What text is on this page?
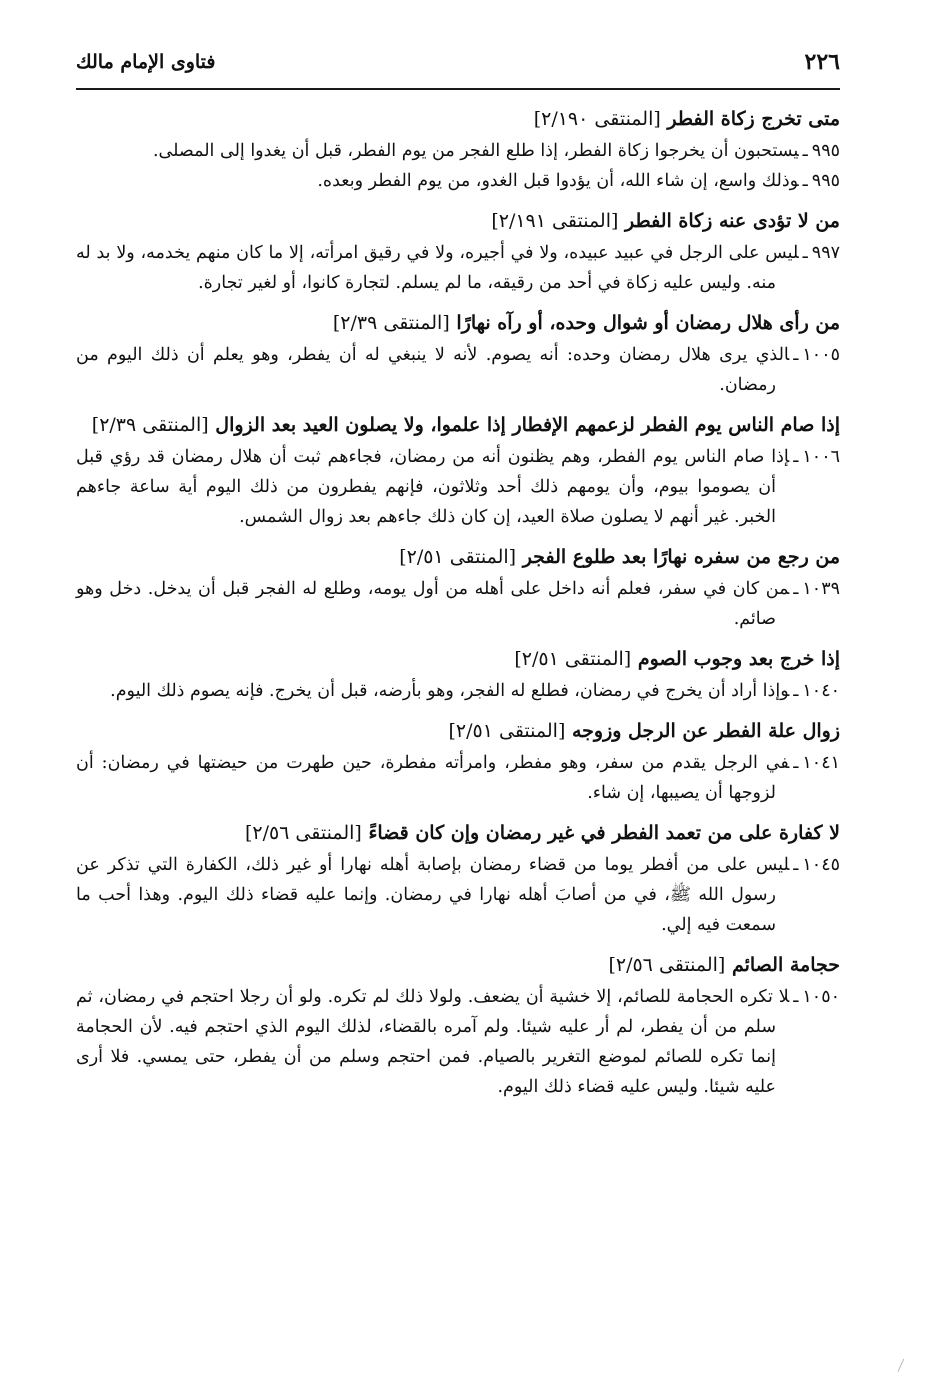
٢٢٦
فتاوى الإمام مالك

متى تخرج زكاة الفطر [المنتقى ٢/١٩٠]

٩٩٥ـيستحبون أن يخرجوا زكاة الفطر، إذا طلع الفجر من يوم الفطر، قبل أن يغدوا إلى المصلى.

٩٩٥ـوذلك واسع، إن شاء الله، أن يؤدوا قبل الغدو، من يوم الفطر وبعده.

من لا تؤدى عنه زكاة الفطر [المنتقى ٢/١٩١]

٩٩٧ـليس على الرجل في عبيد عبيده، ولا في أجيره، ولا في رقيق امرأته، إلا ما كان منهم يخدمه، ولا بد له منه. وليس عليه زكاة في أحد من رقيقه، ما لم يسلم. لتجارة كانوا، أو لغير تجارة.

من رأى هلال رمضان أو شوال وحده، أو رآه نهارًا [المنتقى ٢/٣٩]

١٠٠٥ـالذي يرى هلال رمضان وحده: أنه يصوم. لأنه لا ينبغي له أن يفطر، وهو يعلم أن ذلك اليوم من رمضان.

إذا صام الناس يوم الفطر لزعمهم الإفطار إذا علموا، ولا يصلون العيد بعد الزوال [المنتقى ٢/٣٩]

١٠٠٦ـإذا صام الناس يوم الفطر، وهم يظنون أنه من رمضان، فجاءهم ثبت أن هلال رمضان قد رؤي قبل أن يصوموا بيوم، وأن يومهم ذلك أحد وثلاثون، فإنهم يفطرون من ذلك اليوم أية ساعة جاءهم الخبر. غير أنهم لا يصلون صلاة العيد، إن كان ذلك جاءهم بعد زوال الشمس.

من رجع من سفره نهارًا بعد طلوع الفجر [المنتقى ٢/٥١]

١٠٣٩ـمن كان في سفر، فعلم أنه داخل على أهله من أول يومه، وطلع له الفجر قبل أن يدخل. دخل وهو صائم.

إذا خرج بعد وجوب الصوم [المنتقى ٢/٥١]

١٠٤٠ـوإذا أراد أن يخرج في رمضان، فطلع له الفجر، وهو بأرضه، قبل أن يخرج. فإنه يصوم ذلك اليوم.

زوال علة الفطر عن الرجل وزوجه [المنتقى ٢/٥١]

١٠٤١ـفي الرجل يقدم من سفر، وهو مفطر، وامرأته مفطرة، حين طهرت من حيضتها في رمضان: أن لزوجها أن يصيبها، إن شاء.

لا كفارة على من تعمد الفطر في غير رمضان وإن كان قضاءً [المنتقى ٢/٥٦]

١٠٤٥ـليس على من أفطر يوما من قضاء رمضان بإصابة أهله نهارا أو غير ذلك، الكفارة التي تذكر عن رسول الله ﷺ، في من أصابَ أهله نهارا في رمضان. وإنما عليه قضاء ذلك اليوم. وهذا أحب ما سمعت فيه إلي.

حجامة الصائم [المنتقى ٢/٥٦]

١٠٥٠ـلا تكره الحجامة للصائم، إلا خشية أن يضعف. ولولا ذلك لم تكره. ولو أن رجلا احتجم في رمضان، ثم سلم من أن يفطر، لم أر عليه شيئا. ولم آمره بالقضاء، لذلك اليوم الذي احتجم فيه. لأن الحجامة إنما تكره للصائم لموضع التغرير بالصيام. فمن احتجم وسلم من أن يفطر، حتى يمسي. فلا أرى عليه شيئا. وليس عليه قضاء ذلك اليوم.
